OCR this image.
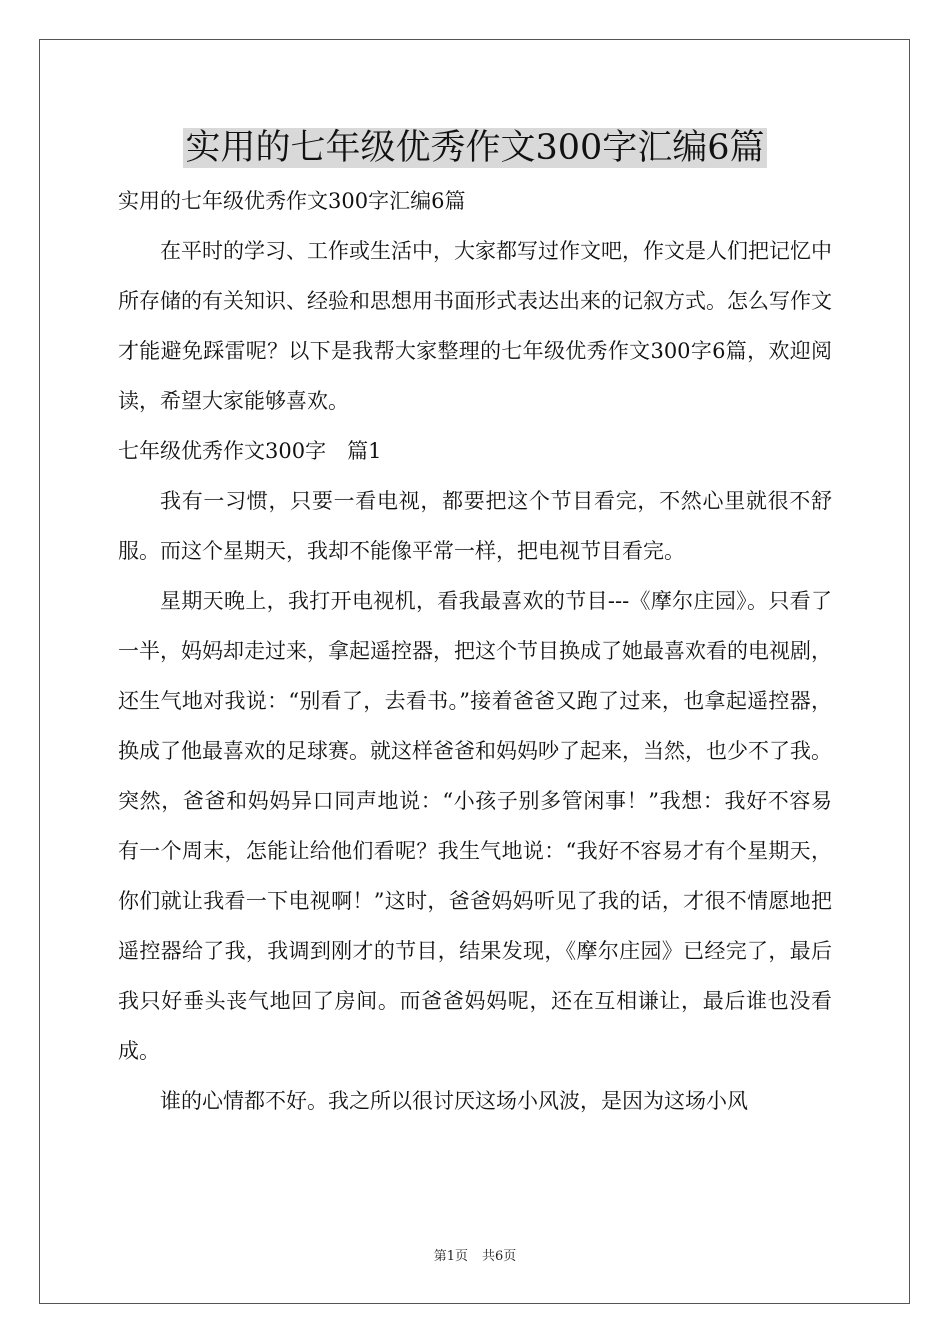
实用的七年级优秀作文300字汇编6篇

实用的七年级优秀作文300字汇编6篇

在平时的学习、工作或生活中，大家都写过作文吧，作文是人们把记忆中所存储的有关知识、经验和思想用书面形式表达出来的记叙方式。怎么写作文才能避免踩雷呢？以下是我帮大家整理的七年级优秀作文300字6篇，欢迎阅读，希望大家能够喜欢。

七年级优秀作文300字　篇1

我有一习惯，只要一看电视，都要把这个节目看完，不然心里就很不舒服。而这个星期天，我却不能像平常一样，把电视节目看完。

星期天晚上，我打开电视机，看我最喜欢的节目---《摩尔庄园》。只看了一半，妈妈却走过来，拿起遥控器，把这个节目换成了她最喜欢看的电视剧，还生气地对我说：“别看了，去看书。”接着爸爸又跑了过来，也拿起遥控器，换成了他最喜欢的足球赛。就这样爸爸和妈妈吵了起来，当然，也少不了我。突然，爸爸和妈妈异口同声地说：“小孩子别多管闲事！”我想：我好不容易有一个周末，怎能让给他们看呢？我生气地说：“我好不容易才有个星期天，你们就让我看一下电视啊！”这时，爸爸妈妈听见了我的话，才很不情愿地把遥控器给了我，我调到刚才的节目，结果发现，《摩尔庄园》已经完了，最后我只好垂头丧气地回了房间。而爸爸妈妈呢，还在互相谦让，最后谁也没看成。

谁的心情都不好。我之所以很讨厌这场小风波，是因为这场小风

第1页 共6页
